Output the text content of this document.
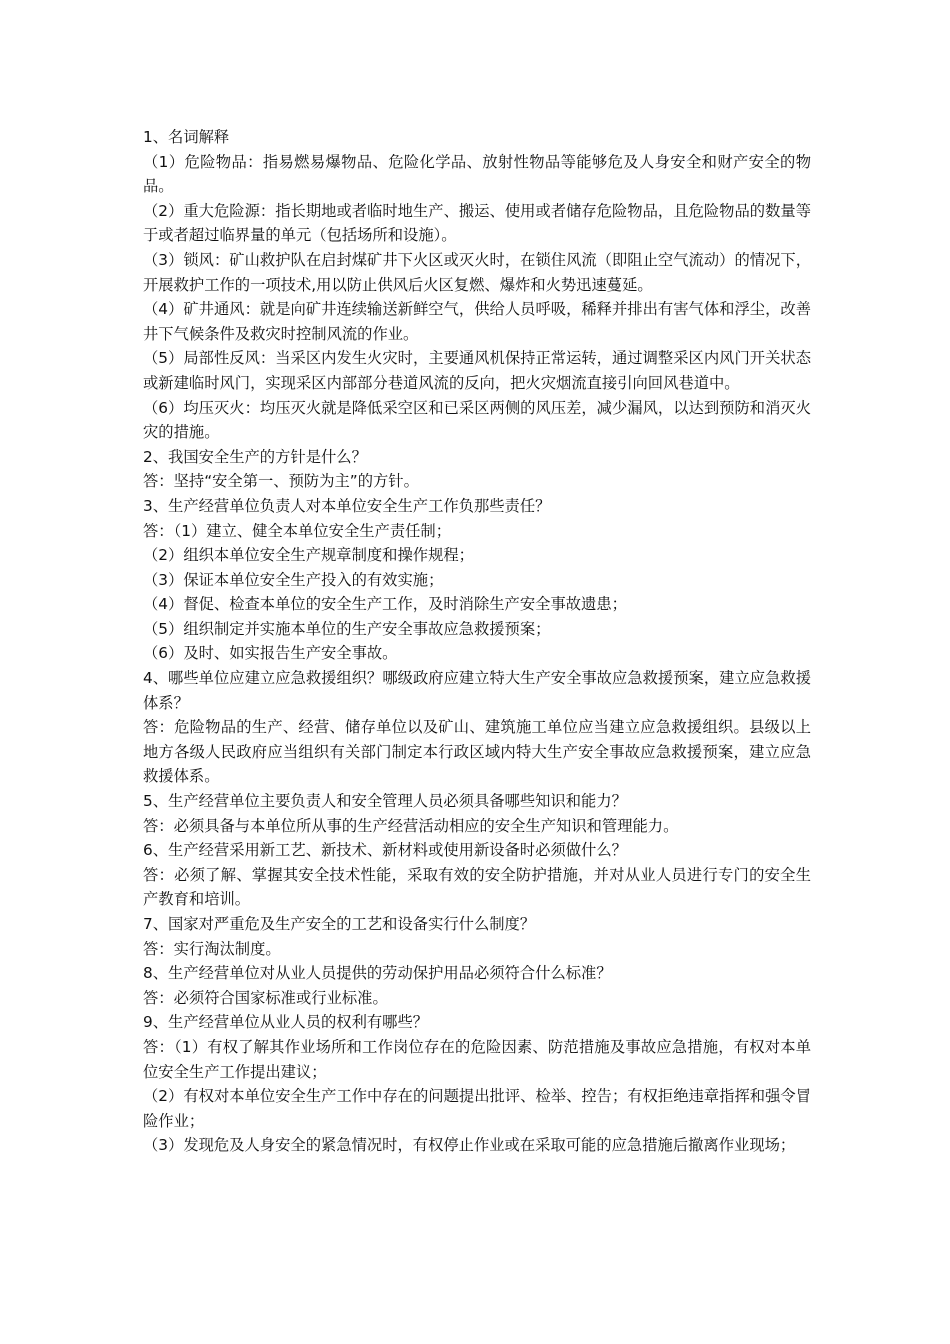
1、名词解释

（1）危险物品：指易燃易爆物品、危险化学品、放射性物品等能够危及人身安全和财产安全的物品。

（2）重大危险源：指长期地或者临时地生产、搬运、使用或者储存危险物品，且危险物品的数量等于或者超过临界量的单元（包括场所和设施）。

（3）锁风：矿山救护队在启封煤矿井下火区或灭火时，在锁住风流（即阻止空气流动）的情况下，开展救护工作的一项技术,用以防止供风后火区复燃、爆炸和火势迅速蔓延。

（4）矿井通风：就是向矿井连续输送新鲜空气，供给人员呼吸，稀释并排出有害气体和浮尘，改善井下气候条件及救灾时控制风流的作业。

（5）局部性反风：当采区内发生火灾时，主要通风机保持正常运转，通过调整采区内风门开关状态或新建临时风门，实现采区内部部分巷道风流的反向，把火灾烟流直接引向回风巷道中。

（6）均压灭火：均压灭火就是降低采空区和已采区两侧的风压差，减少漏风，以达到预防和消灭火灾的措施。

2、我国安全生产的方针是什么？

答：坚持“安全第一、预防为主”的方针。

3、生产经营单位负责人对本单位安全生产工作负那些责任？

答：（1）建立、健全本单位安全生产责任制；

（2）组织本单位安全生产规章制度和操作规程；

（3）保证本单位安全生产投入的有效实施；

（4）督促、检查本单位的安全生产工作，及时消除生产安全事故遗患；

（5）组织制定并实施本单位的生产安全事故应急救援预案；

（6）及时、如实报告生产安全事故。

4、哪些单位应建立应急救援组织？哪级政府应建立特大生产安全事故应急救援预案，建立应急救援体系？

答：危险物品的生产、经营、储存单位以及矿山、建筑施工单位应当建立应急救援组织。县级以上地方各级人民政府应当组织有关部门制定本行政区域内特大生产安全事故应急救援预案，建立应急救援体系。

5、生产经营单位主要负责人和安全管理人员必须具备哪些知识和能力？

答：必须具备与本单位所从事的生产经营活动相应的安全生产知识和管理能力。

6、生产经营采用新工艺、新技术、新材料或使用新设备时必须做什么？

答：必须了解、掌握其安全技术性能，采取有效的安全防护措施，并对从业人员进行专门的安全生产教育和培训。

7、国家对严重危及生产安全的工艺和设备实行什么制度？

答：实行淘汰制度。

8、生产经营单位对从业人员提供的劳动保护用品必须符合什么标准？

答：必须符合国家标准或行业标准。

9、生产经营单位从业人员的权利有哪些？

答：（1）有权了解其作业场所和工作岗位存在的危险因素、防范措施及事故应急措施，有权对本单位安全生产工作提出建议；

（2）有权对本单位安全生产工作中存在的问题提出批评、检举、控告；有权拒绝违章指挥和强令冒险作业；

（3）发现危及人身安全的紧急情况时，有权停止作业或在采取可能的应急措施后撤离作业现场；
